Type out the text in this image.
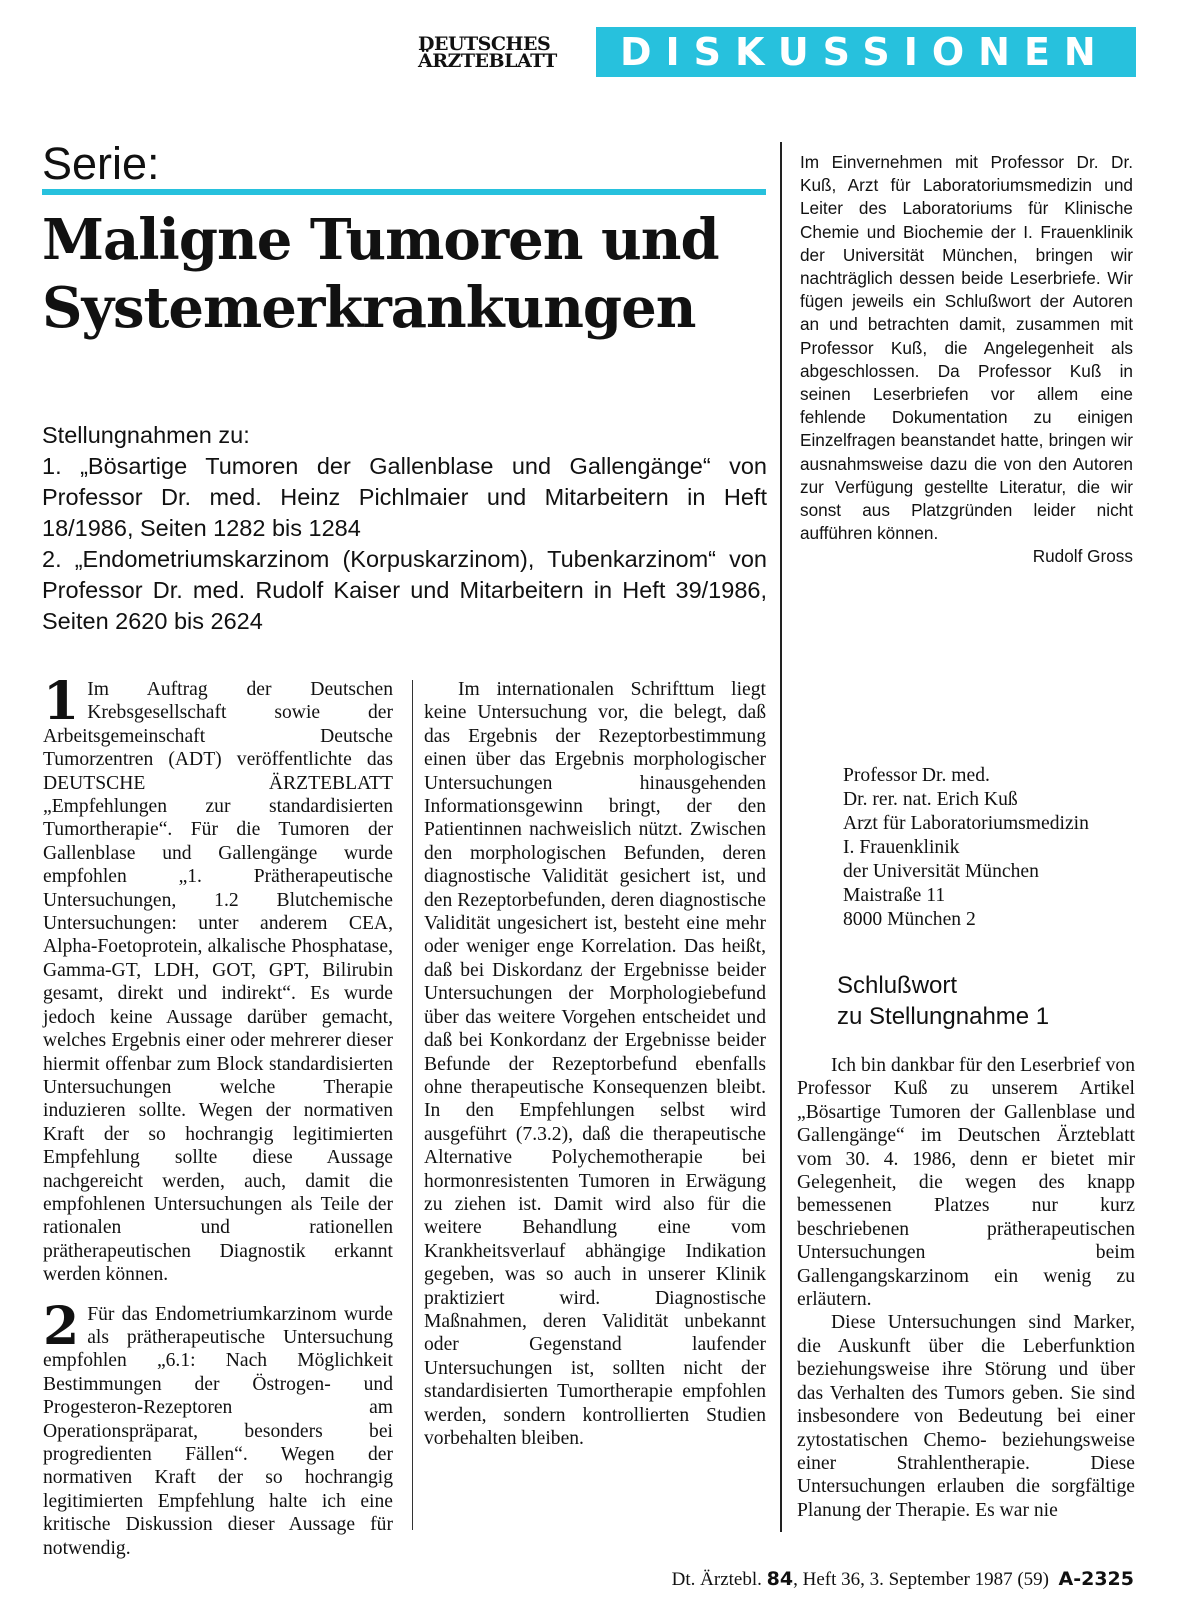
DEUTSCHES
ÄRZTEBLATT	DISKUSSIONEN
Serie:
Maligne Tumoren und
Systemerkrankungen
Stellungnahmen zu:
1. „Bösartige Tumoren der Gallenblase und Gallengänge“ von Professor Dr. med. Heinz Pichlmaier und Mitarbeitern in Heft 18/1986, Seiten 1282 bis 1284
2. „Endometriumskarzinom (Korpuskarzinom), Tubenkarzinom“ von Professor Dr. med. Rudolf Kaiser und Mitarbeitern in Heft 39/1986, Seiten 2620 bis 2624
Im Einvernehmen mit Professor Dr. Dr. Kuß, Arzt für Laboratoriumsmedizin und Leiter des Laboratoriums für Klinische Chemie und Biochemie der I. Frauenklinik der Universität München, bringen wir nachträglich dessen beide Leserbriefe. Wir fügen jeweils ein Schlußwort der Autoren an und betrachten damit, zusammen mit Professor Kuß, die Angelegenheit als abgeschlossen. Da Professor Kuß in seinen Leserbriefen vor allem eine fehlende Dokumentation zu einigen Einzelfragen beanstandet hatte, bringen wir ausnahmsweise dazu die von den Autoren zur Verfügung gestellte Literatur, die wir sonst aus Platzgründen leider nicht aufführen können.
Rudolf Gross

1 Im Auftrag der Deutschen Krebsgesellschaft sowie der Arbeitsgemeinschaft Deutsche Tumorzentren (ADT) veröffentlichte das DEUTSCHE ÄRZTEBLATT „Empfehlungen zur standardisierten Tumortherapie“. Für die Tumoren der Gallenblase und Gallengänge wurde empfohlen „1. Prätherapeutische Untersuchungen, 1.2 Blutchemische Untersuchungen: unter anderem CEA, Alpha-Foetoprotein, alkalische Phosphatase, Gamma-GT, LDH, GOT, GPT, Bilirubin gesamt, direkt und indirekt“. Es wurde jedoch keine Aussage darüber gemacht, welches Ergebnis einer oder mehrerer dieser hiermit offenbar zum Block standardisierten Untersuchungen welche Therapie induzieren sollte. Wegen der normativen Kraft der so hochrangig legitimierten Empfehlung sollte diese Aussage nachgereicht werden, auch, damit die empfohlenen Untersuchungen als Teile der rationalen und rationellen prätherapeutischen Diagnostik erkannt werden können.

2 Für das Endometriumkarzinom wurde als prätherapeutische Untersuchung empfohlen „6.1: Nach Möglichkeit Bestimmungen der Östrogen- und Progesteron-Rezeptoren am Operationspräparat, besonders bei progredienten Fällen“. Wegen der normativen Kraft der so hochrangig legitimierten Empfehlung halte ich eine kritische Diskussion dieser Aussage für notwendig.

Im internationalen Schrifttum liegt keine Untersuchung vor, die belegt, daß das Ergebnis der Rezeptorbestimmung einen über das Ergebnis morphologischer Untersuchungen hinausgehenden Informationsgewinn bringt, der den Patientinnen nachweislich nützt. Zwischen den morphologischen Befunden, deren diagnostische Validität gesichert ist, und den Rezeptorbefunden, deren diagnostische Validität ungesichert ist, besteht eine mehr oder weniger enge Korrelation. Das heißt, daß bei Diskordanz der Ergebnisse beider Untersuchungen der Morphologiebefund über das weitere Vorgehen entscheidet und daß bei Konkordanz der Ergebnisse beider Befunde der Rezeptorbefund ebenfalls ohne therapeutische Konsequenzen bleibt. In den Empfehlungen selbst wird ausgeführt (7.3.2), daß die therapeutische Alternative Polychemotherapie bei hormonresistenten Tumoren in Erwägung zu ziehen ist. Damit wird also für die weitere Behandlung eine vom Krankheitsverlauf abhängige Indikation gegeben, was so auch in unserer Klinik praktiziert wird. Diagnostische Maßnahmen, deren Validität unbekannt oder Gegenstand laufender Untersuchungen ist, sollten nicht der standardisierten Tumortherapie empfohlen werden, sondern kontrollierten Studien vorbehalten bleiben.

Professor Dr. med.
Dr. rer. nat. Erich Kuß
Arzt für Laboratoriumsmedizin
I. Frauenklinik
der Universität München
Maistraße 11
8000 München 2
Schlußwort
zu Stellungnahme 1

Ich bin dankbar für den Leserbrief von Professor Kuß zu unserem Artikel „Bösartige Tumoren der Gallenblase und Gallengänge“ im Deutschen Ärzteblatt vom 30. 4. 1986, denn er bietet mir Gelegenheit, die wegen des knapp bemessenen Platzes nur kurz beschriebenen prätherapeutischen Untersuchungen beim Gallengangskarzinom ein wenig zu erläutern.

Diese Untersuchungen sind Marker, die Auskunft über die Leberfunktion beziehungsweise ihre Störung und über das Verhalten des Tumors geben. Sie sind insbesondere von Bedeutung bei einer zytostatischen Chemo- beziehungsweise einer Strahlentherapie. Diese Untersuchungen erlauben die sorgfältige Planung der Therapie. Es war nie

Dt. Ärztebl. 84, Heft 36, 3. September 1987 (59) A-2325
